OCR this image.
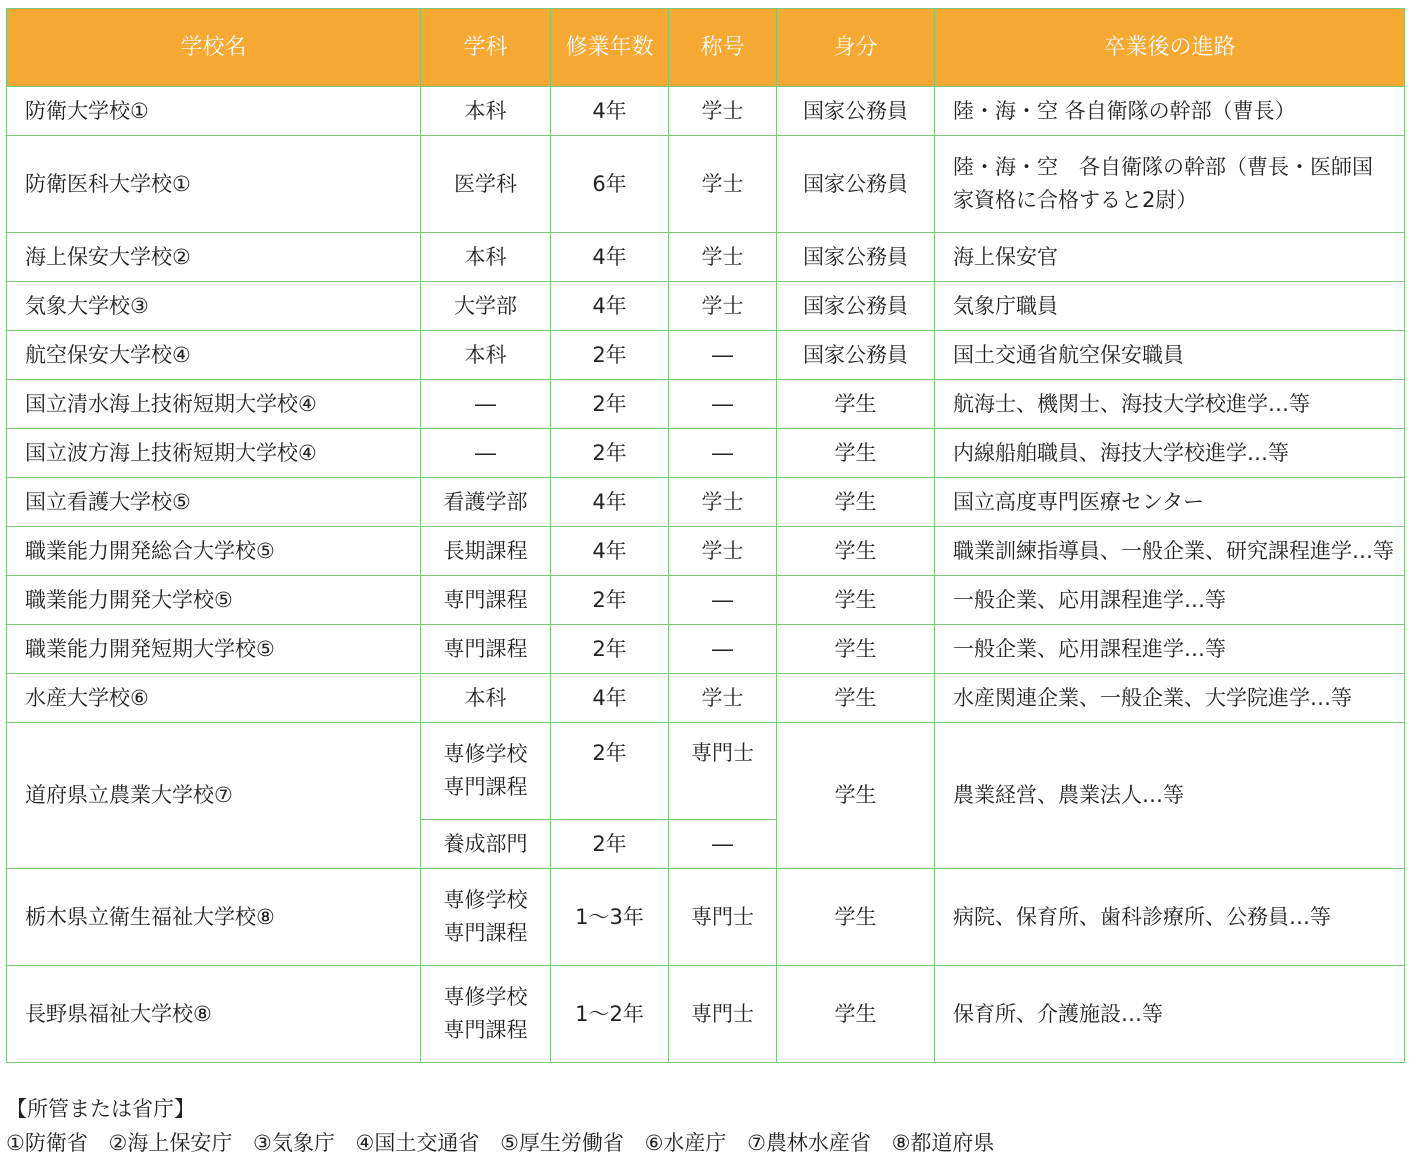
学校名	学科	修業年数	称号	身分	卒業後の進路
防衛大学校①	本科	4年	学士	国家公務員	陸・海・空 各自衛隊の幹部（曹長）
防衛医科大学校①	医学科	6年	学士	国家公務員	陸・海・空　各自衛隊の幹部（曹長・医師国
家資格に合格すると2尉）

海上保安大学校②	本科	4年	学士	国家公務員	海上保安官
気象大学校③	大学部	4年	学士	国家公務員	気象庁職員
航空保安大学校④	本科	2年	―	国家公務員	国土交通省航空保安職員
国立清水海上技術短期大学校④	―	2年	―	学生	航海士、機関士、海技大学校進学…等
国立波方海上技術短期大学校④	―	2年	―	学生	内線船舶職員、海技大学校進学…等
国立看護大学校⑤	看護学部	4年	学士	学生	国立高度専門医療センター
職業能力開発総合大学校⑤	長期課程	4年	学士	学生	職業訓練指導員、一般企業、研究課程進学…等
職業能力開発大学校⑤	専門課程	2年	―	学生	一般企業、応用課程進学…等
職業能力開発短期大学校⑤	専門課程	2年	―	学生	一般企業、応用課程進学…等
水産大学校⑥	本科	4年	学士	学生	水産関連企業、一般企業、大学院進学…等
道府県立農業大学校⑦	専修学校
専門課程	2年	専門士	学生	農業経営、農業法人…等
	養成部門	2年	―		
栃木県立衛生福祉大学校⑧	専修学校
専門課程	1～3年	専門士	学生	病院、保育所、歯科診療所、公務員…等
長野県福祉大学校⑧	専修学校
専門課程	1～2年	専門士	学生	保育所、介護施設…等
【所管または省庁】
①防衛省 ②海上保安庁 ③気象庁 ④国土交通省 ⑤厚生労働省 ⑥水産庁 ⑦農林水産省 ⑧都道府県
